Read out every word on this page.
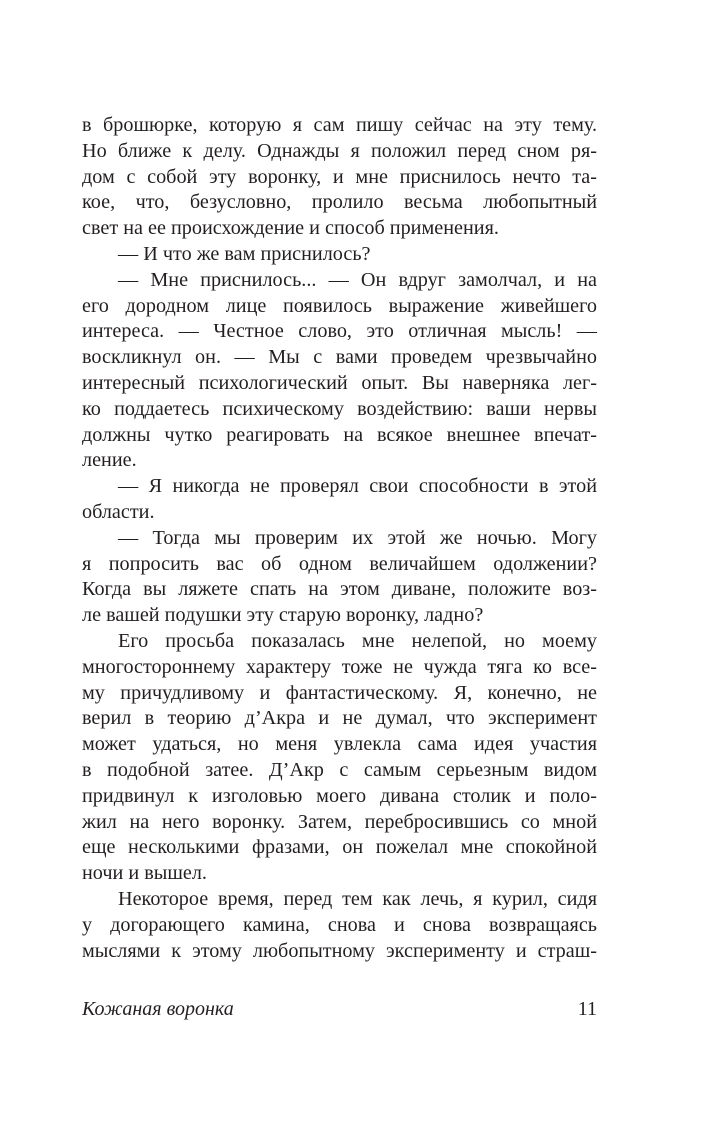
в брошюрке, которую я сам пишу сейчас на эту тему.
Но ближе к делу. Однажды я положил перед сном ря-
дом с собой эту воронку, и мне приснилось нечто та-
кое, что, безусловно, пролило весьма любопытный
свет на ее происхождение и способ применения.
— И что же вам приснилось?
— Мне приснилось... — Он вдруг замолчал, и на
его дородном лице появилось выражение живейшего
интереса. — Честное слово, это отличная мысль! —
воскликнул он. — Мы с вами проведем чрезвычайно
интересный психологический опыт. Вы наверняка лег-
ко поддаетесь психическому воздействию: ваши нервы
должны чутко реагировать на всякое внешнее впечат-
ление.
— Я никогда не проверял свои способности в этой
области.
— Тогда мы проверим их этой же ночью. Могу
я попросить вас об одном величайшем одолжении?
Когда вы ляжете спать на этом диване, положите воз-
ле вашей подушки эту старую воронку, ладно?
Его просьба показалась мне нелепой, но моему
многостороннему характеру тоже не чужда тяга ко все-
му причудливому и фантастическому. Я, конечно, не
верил в теорию д’Акра и не думал, что эксперимент
может удаться, но меня увлекла сама идея участия
в подобной затее. Д’Акр с самым серьезным видом
придвинул к изголовью моего дивана столик и поло-
жил на него воронку. Затем, перебросившись со мной
еще несколькими фразами, он пожелал мне спокойной
ночи и вышел.
Некоторое время, перед тем как лечь, я курил, сидя
у догорающего камина, снова и снова возвращаясь
мыслями к этому любопытному эксперименту и страш-
Кожаная воронка	11
